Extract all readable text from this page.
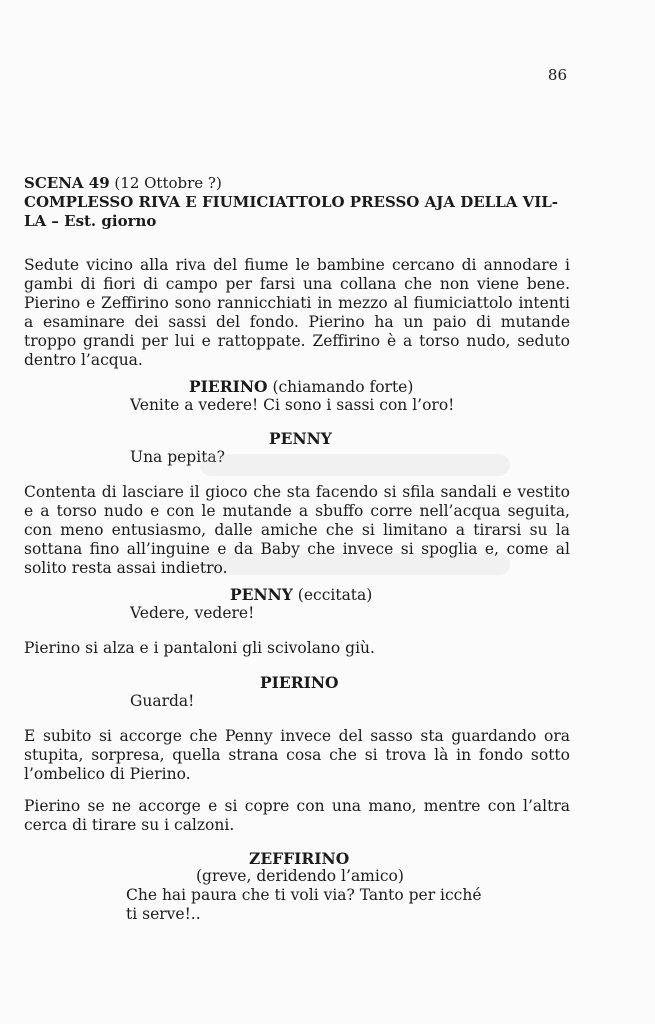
86
SCENA 49 (12 Ottobre ?)
COMPLESSO RIVA E FIUMICIATTOLO PRESSO AJA DELLA VIL-
LA – Est. giorno

Sedute vicino alla riva del fiume le bambine cercano di annodare i gambi di fiori di campo per farsi una collana che non viene bene. Pierino e Zeffirino sono rannicchiati in mezzo al fiumiciattolo intenti a esaminare dei sassi del fondo. Pierino ha un paio di mutande troppo grandi per lui e rattoppate. Zeffirino è a torso nudo, seduto dentro l’acqua.

PIERINO (chiamando forte)
Venite a vedere! Ci sono i sassi con l’oro!
PENNY
Una pepita?

Contenta di lasciare il gioco che sta facendo si sfila sandali e vestito e a torso nudo e con le mutande a sbuffo corre nell’acqua seguita, con meno entusiasmo, dalle amiche che si limitano a tirarsi su la sottana fino all’inguine e da Baby che invece si spoglia e, come al solito resta assai indietro.

PENNY (eccitata)
Vedere, vedere!

Pierino si alza e i pantaloni gli scivolano giù.

PIERINO
Guarda!

E subito si accorge che Penny invece del sasso sta guardando ora stupita, sorpresa, quella strana cosa che si trova là in fondo sotto l’ombelico di Pierino.

Pierino se ne accorge e si copre con una mano, mentre con l’altra cerca di tirare su i calzoni.

ZEFFIRINO
(greve, deridendo l’amico)
Che hai paura che ti voli via? Tanto per icché
ti serve!..
